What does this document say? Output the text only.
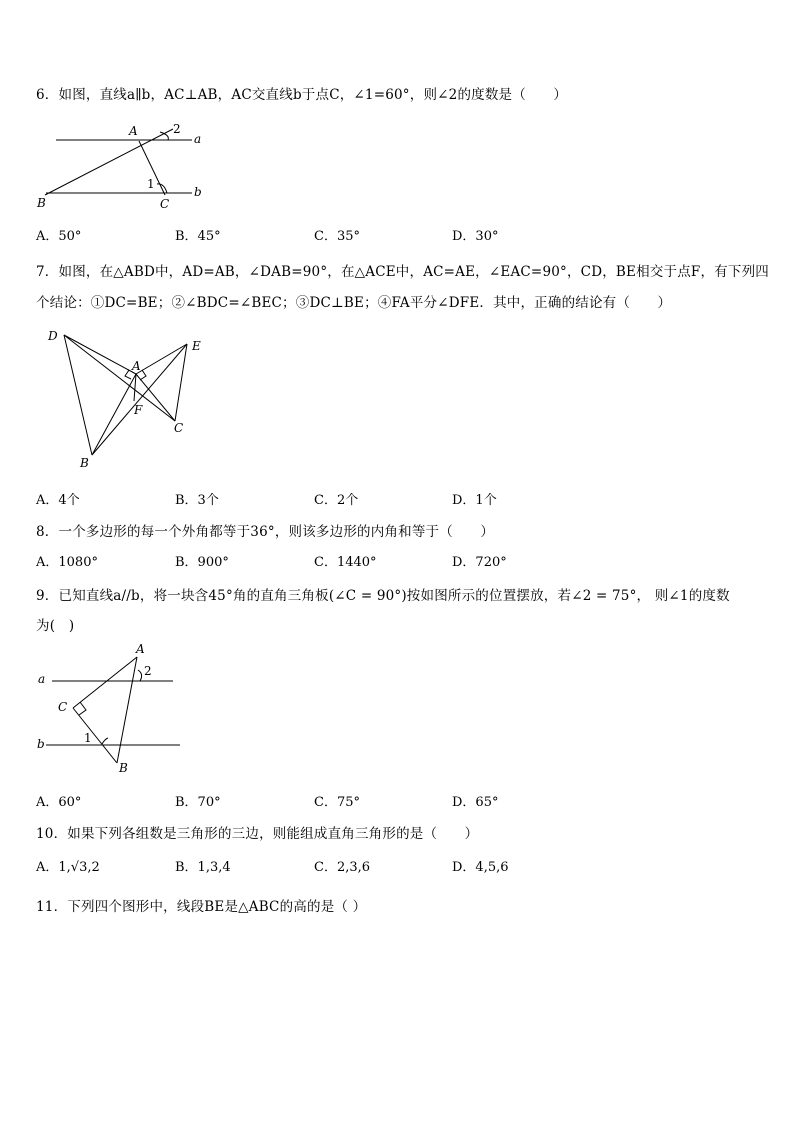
6．如图，直线a∥b，AC⊥AB，AC交直线b于点C，∠1=60°，则∠2的度数是（　　）
A	2
a
B
1
C
b
A．50°	B．45°	C．35°	D．30°
7．如图，在△ABD中，AD=AB，∠DAB=90°，在△ACE中，AC=AE，∠EAC=90°，CD，BE相交于点F，有下列四
个结论：①DC=BE；②∠BDC=∠BEC；③DC⊥BE；④FA平分∠DFE．其中，正确的结论有（　　）
D
A
E
F
C
B
A．4个	B．3个	C．2个	D．1个
8．一个多边形的每一个外角都等于36°，则该多边形的内角和等于（　　）
A．1080°	B．900°	C．1440°	D．720°
9．已知直线a//b，将一块含45°角的直角三角板(∠C = 90°)按如图所示的位置摆放，若∠2 = 75°， 则∠1的度数
为(　)
A
2
a
C
b	1
B
A．60°	B．70°	C．75°	D．65°
10．如果下列各组数是三角形的三边，则能组成直角三角形的是（　　）
A．1,√3,2	B．1,3,4	C．2,3,6	D．4,5,6
11．下列四个图形中，线段BE是△ABC的高的是（ ）
